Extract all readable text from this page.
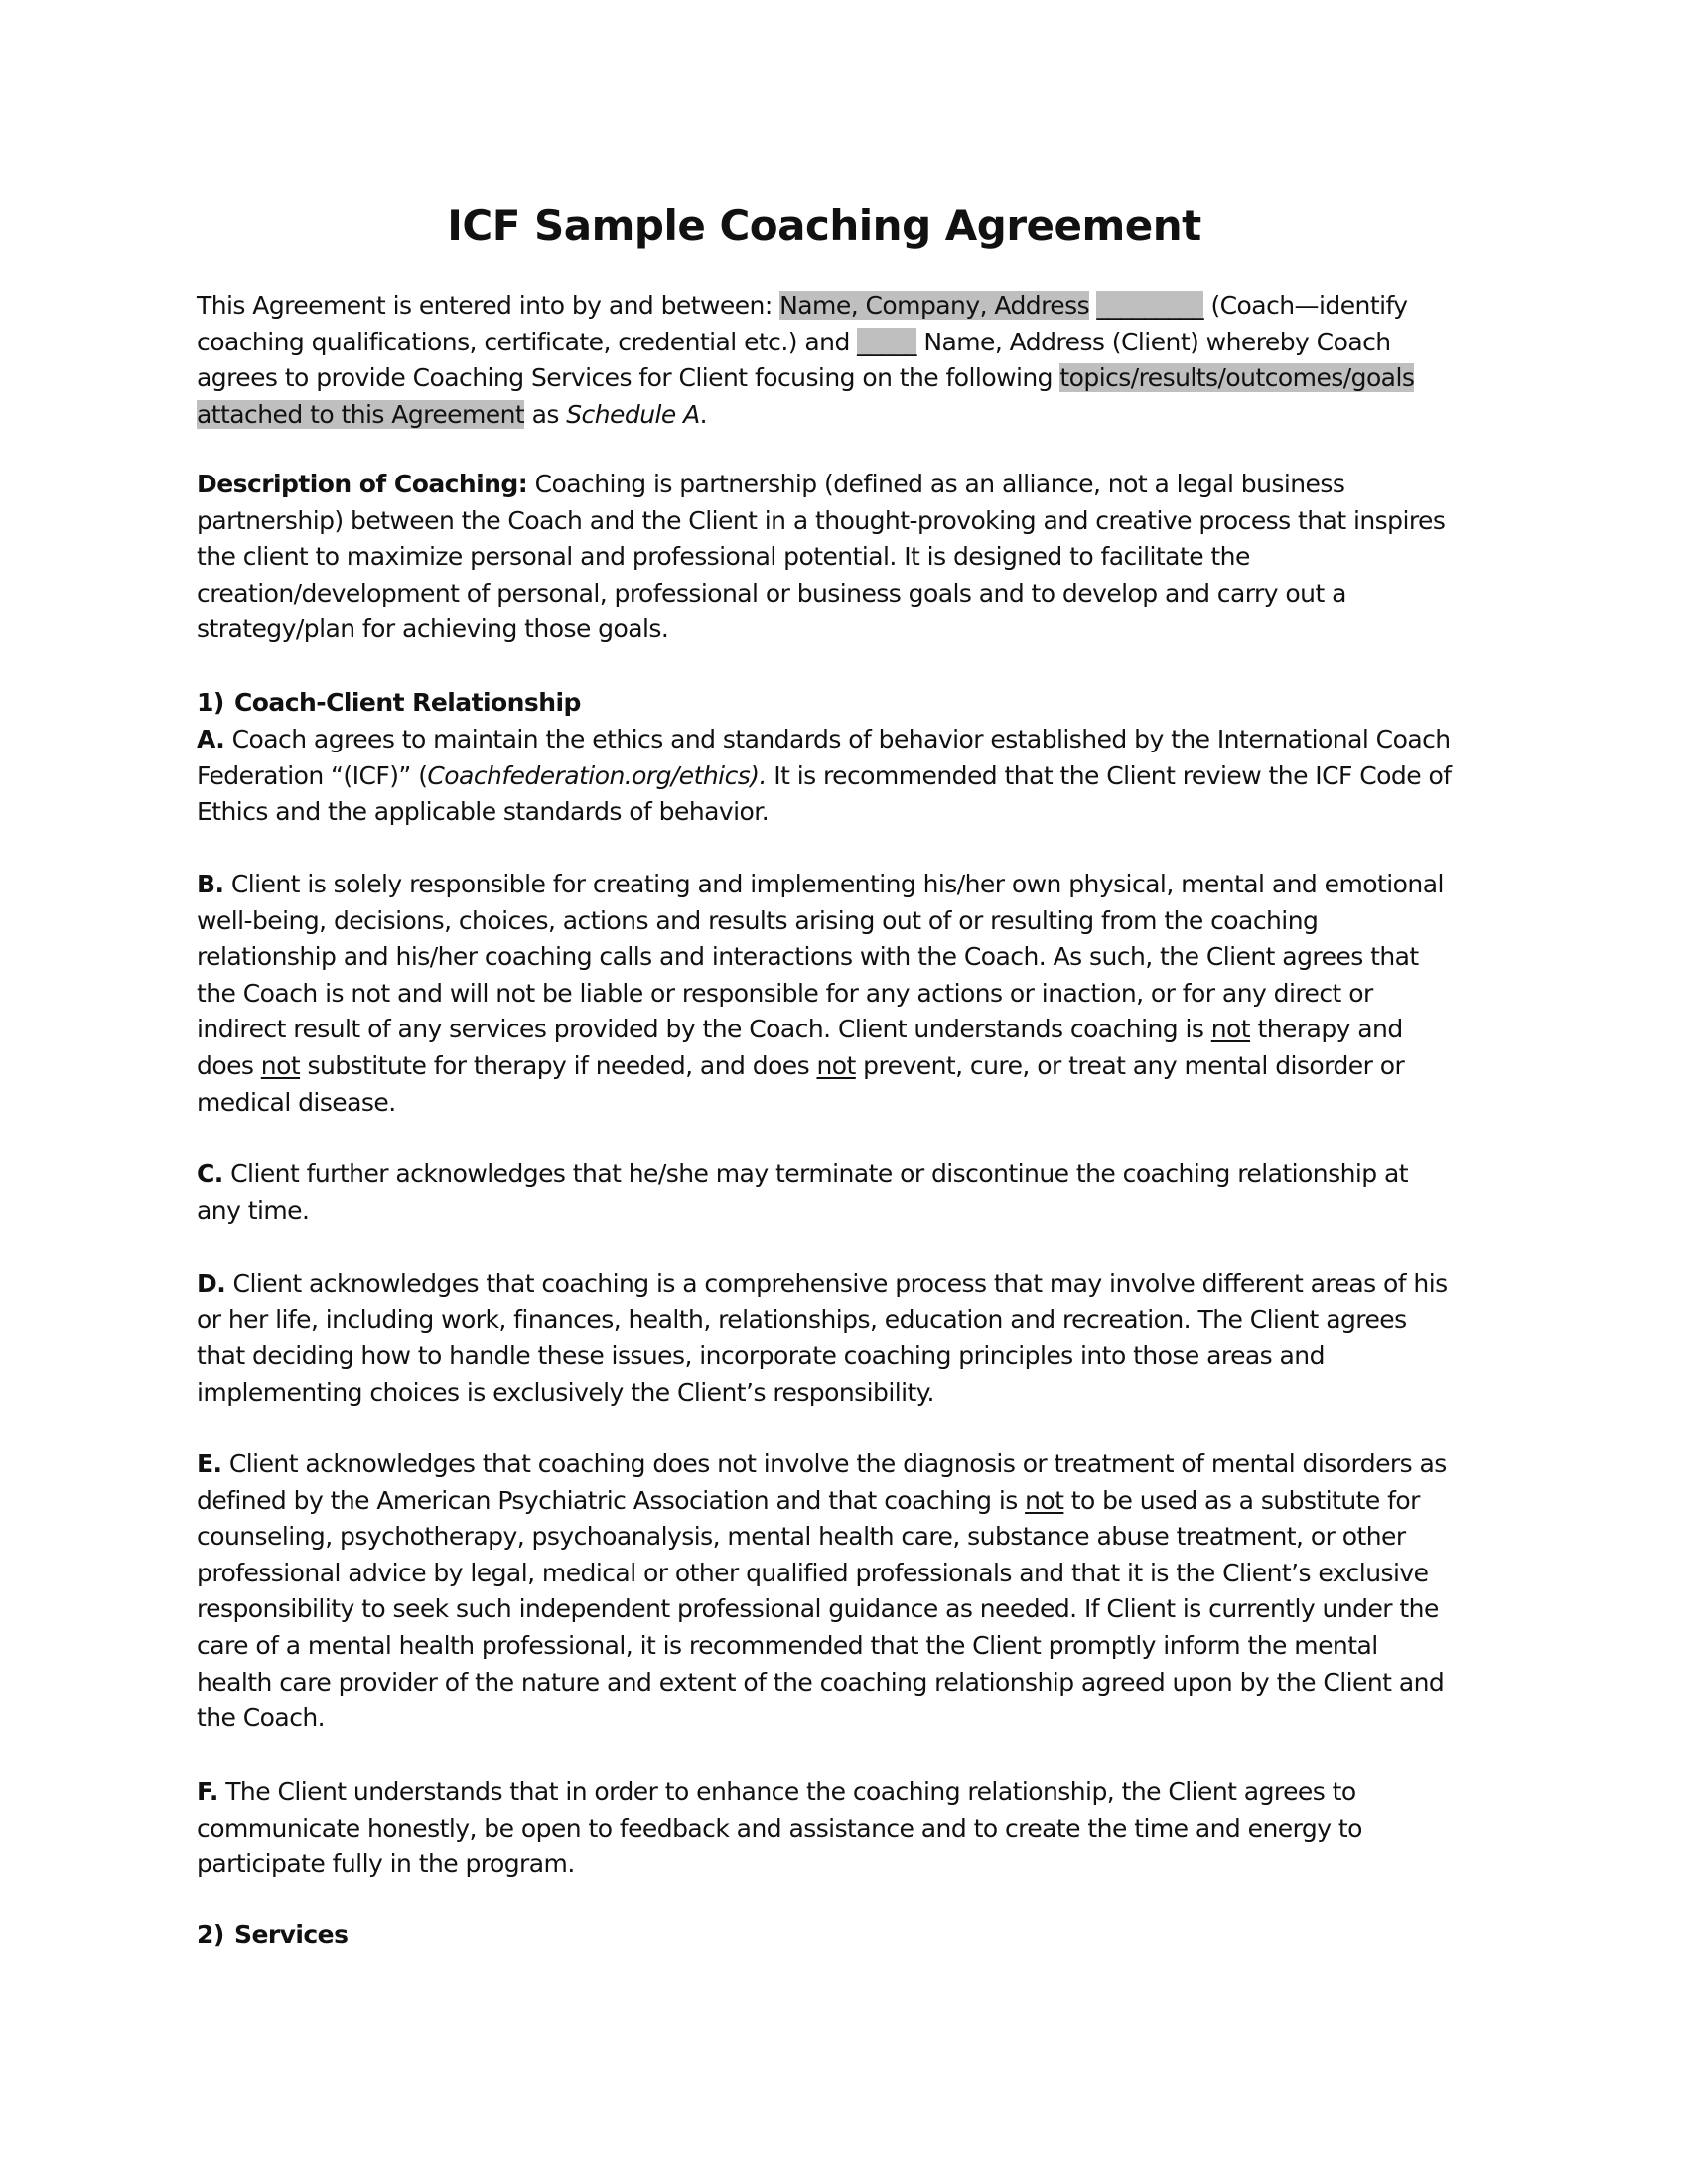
ICF Sample Coaching Agreement

This Agreement is entered into by and between: Name, Company, Address _________ (Coach—identify coaching qualifications, certificate, credential etc.) and _____ Name, Address (Client) whereby Coach agrees to provide Coaching Services for Client focusing on the following topics/results/outcomes/goals attached to this Agreement as Schedule A.

Description of Coaching: Coaching is partnership (defined as an alliance, not a legal business partnership) between the Coach and the Client in a thought-provoking and creative process that inspires the client to maximize personal and professional potential. It is designed to facilitate the creation/development of personal, professional or business goals and to develop and carry out a strategy/plan for achieving those goals.

1) Coach-Client Relationship

A. Coach agrees to maintain the ethics and standards of behavior established by the International Coach Federation “(ICF)” (Coachfederation.org/ethics). It is recommended that the Client review the ICF Code of Ethics and the applicable standards of behavior.

B. Client is solely responsible for creating and implementing his/her own physical, mental and emotional well-being, decisions, choices, actions and results arising out of or resulting from the coaching relationship and his/her coaching calls and interactions with the Coach. As such, the Client agrees that the Coach is not and will not be liable or responsible for any actions or inaction, or for any direct or indirect result of any services provided by the Coach. Client understands coaching is not therapy and does not substitute for therapy if needed, and does not prevent, cure, or treat any mental disorder or medical disease.

C. Client further acknowledges that he/she may terminate or discontinue the coaching relationship at any time.

D. Client acknowledges that coaching is a comprehensive process that may involve different areas of his or her life, including work, finances, health, relationships, education and recreation. The Client agrees that deciding how to handle these issues, incorporate coaching principles into those areas and implementing choices is exclusively the Client’s responsibility.

E. Client acknowledges that coaching does not involve the diagnosis or treatment of mental disorders as defined by the American Psychiatric Association and that coaching is not to be used as a substitute for counseling, psychotherapy, psychoanalysis, mental health care, substance abuse treatment, or other professional advice by legal, medical or other qualified professionals and that it is the Client’s exclusive responsibility to seek such independent professional guidance as needed. If Client is currently under the care of a mental health professional, it is recommended that the Client promptly inform the mental health care provider of the nature and extent of the coaching relationship agreed upon by the Client and the Coach.

F. The Client understands that in order to enhance the coaching relationship, the Client agrees to communicate honestly, be open to feedback and assistance and to create the time and energy to participate fully in the program.

2) Services
